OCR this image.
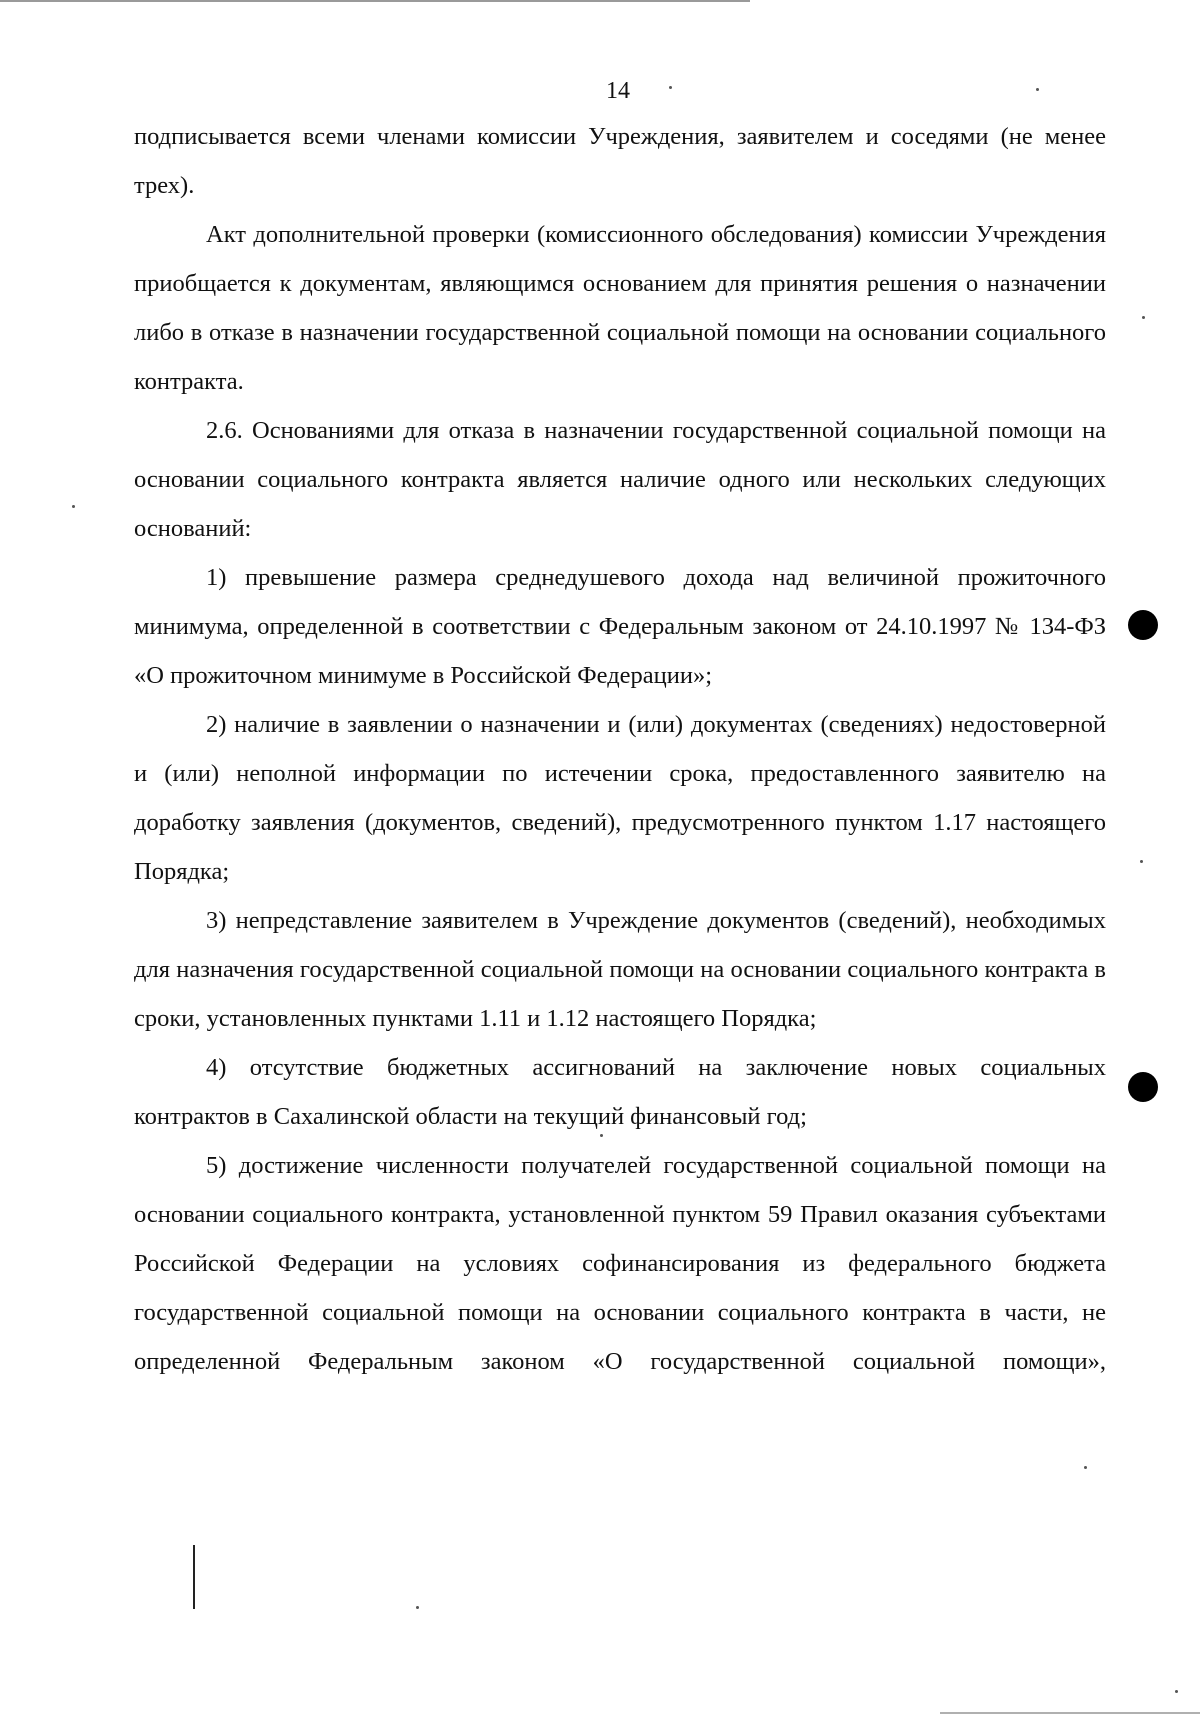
14

подписывается всеми членами комиссии Учреждения, заявителем и соседями (не менее трех).

Акт дополнительной проверки (комиссионного обследования) комиссии Учреждения приобщается к документам, являющимся основанием для принятия решения о назначении либо в отказе в назначении государственной социальной помощи на основании социального контракта.

2.6. Основаниями для отказа в назначении государственной социальной помощи на основании социального контракта является наличие одного или нескольких следующих оснований:

1) превышение размера среднедушевого дохода над величиной прожиточного минимума, определенной в соответствии с Федеральным законом от 24.10.1997 № 134-ФЗ «О прожиточном минимуме в Российской Федерации»;

2) наличие в заявлении о назначении и (или) документах (сведениях) недостоверной и (или) неполной информации по истечении срока, предоставленного заявителю на доработку заявления (документов, сведений), предусмотренного пунктом 1.17 настоящего Порядка;

3) непредставление заявителем в Учреждение документов (сведений), необходимых для назначения государственной социальной помощи на основании социального контракта в сроки, установленных пунктами 1.11 и 1.12 настоящего Порядка;

4) отсутствие бюджетных ассигнований на заключение новых социальных контрактов в Сахалинской области на текущий финансовый год;

5) достижение численности получателей государственной социальной помощи на основании социального контракта, установленной пунктом 59 Правил оказания субъектами Российской Федерации на условиях софинансирования из федерального бюджета государственной социальной помощи на основании социального контракта в части, не определенной Федеральным законом «О государственной социальной помощи»,
